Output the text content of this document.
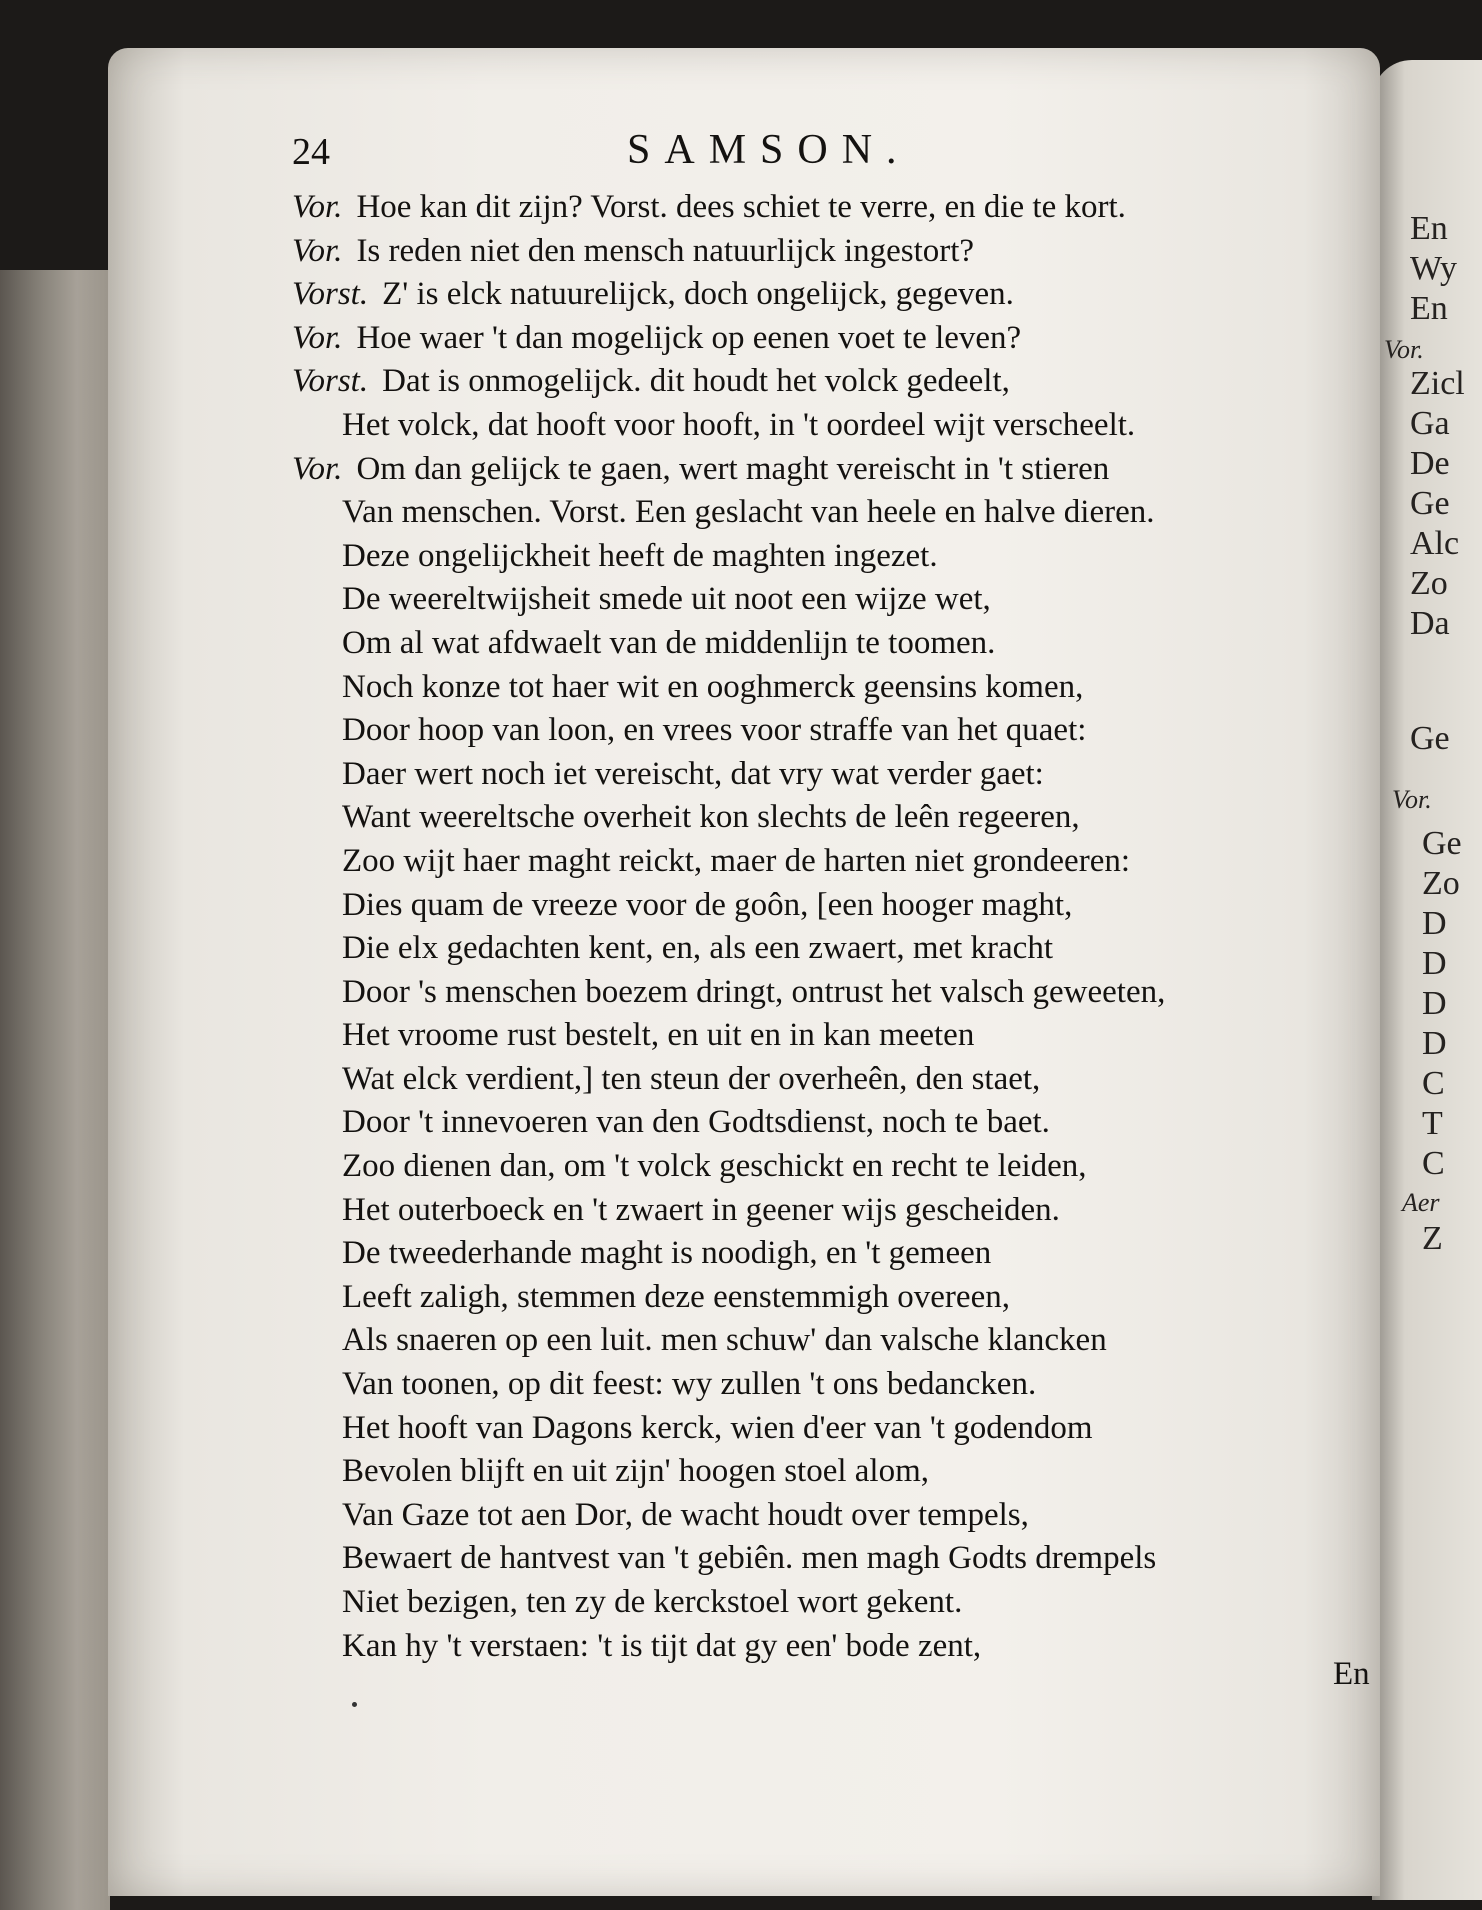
En
Wy
En
Vor.
Zicl
Ga
De
Ge
Alc
Zo
Da
Ge
Vor.
Ge
Zo
D
D
D
D
C
T
C
Aer
Z
24	SAMSON.
Vor. Hoe kan dit zijn? Vorst. dees schiet te verre, en die te kort.
Vor. Is reden niet den mensch natuurlijck ingestort?
Vorst. Z' is elck natuurelijck, doch ongelijck, gegeven.
Vor. Hoe waer 't dan mogelijck op eenen voet te leven?
Vorst. Dat is onmogelijck. dit houdt het volck gedeelt,
Het volck, dat hooft voor hooft, in 't oordeel wijt verscheelt.
Vor. Om dan gelijck te gaen, wert maght vereischt in 't stieren
Van menschen. Vorst. Een geslacht van heele en halve dieren.
Deze ongelijckheit heeft de maghten ingezet.
De weereltwijsheit smede uit noot een wijze wet,
Om al wat afdwaelt van de middenlijn te toomen.
Noch konze tot haer wit en ooghmerck geensins komen,
Door hoop van loon, en vrees voor straffe van het quaet:
Daer wert noch iet vereischt, dat vry wat verder gaet:
Want weereltsche overheit kon slechts de leên regeeren,
Zoo wijt haer maght reickt, maer de harten niet grondeeren:
Dies quam de vreeze voor de goôn, [een hooger maght,
Die elx gedachten kent, en, als een zwaert, met kracht
Door 's menschen boezem dringt, ontrust het valsch geweeten,
Het vroome rust bestelt, en uit en in kan meeten
Wat elck verdient,] ten steun der overheên, den staet,
Door 't innevoeren van den Godtsdienst, noch te baet.
Zoo dienen dan, om 't volck geschickt en recht te leiden,
Het outerboeck en 't zwaert in geener wijs gescheiden.
De tweederhande maght is noodigh, en 't gemeen
Leeft zaligh, stemmen deze eenstemmigh overeen,
Als snaeren op een luit. men schuw' dan valsche klancken
Van toonen, op dit feest: wy zullen 't ons bedancken.
Het hooft van Dagons kerck, wien d'eer van 't godendom
Bevolen blijft en uit zijn' hoogen stoel alom,
Van Gaze tot aen Dor, de wacht houdt over tempels,
Bewaert de hantvest van 't gebiên. men magh Godts drempels
Niet bezigen, ten zy de kerckstoel wort gekent.
Kan hy 't verstaen: 't is tijt dat gy een' bode zent,
En
